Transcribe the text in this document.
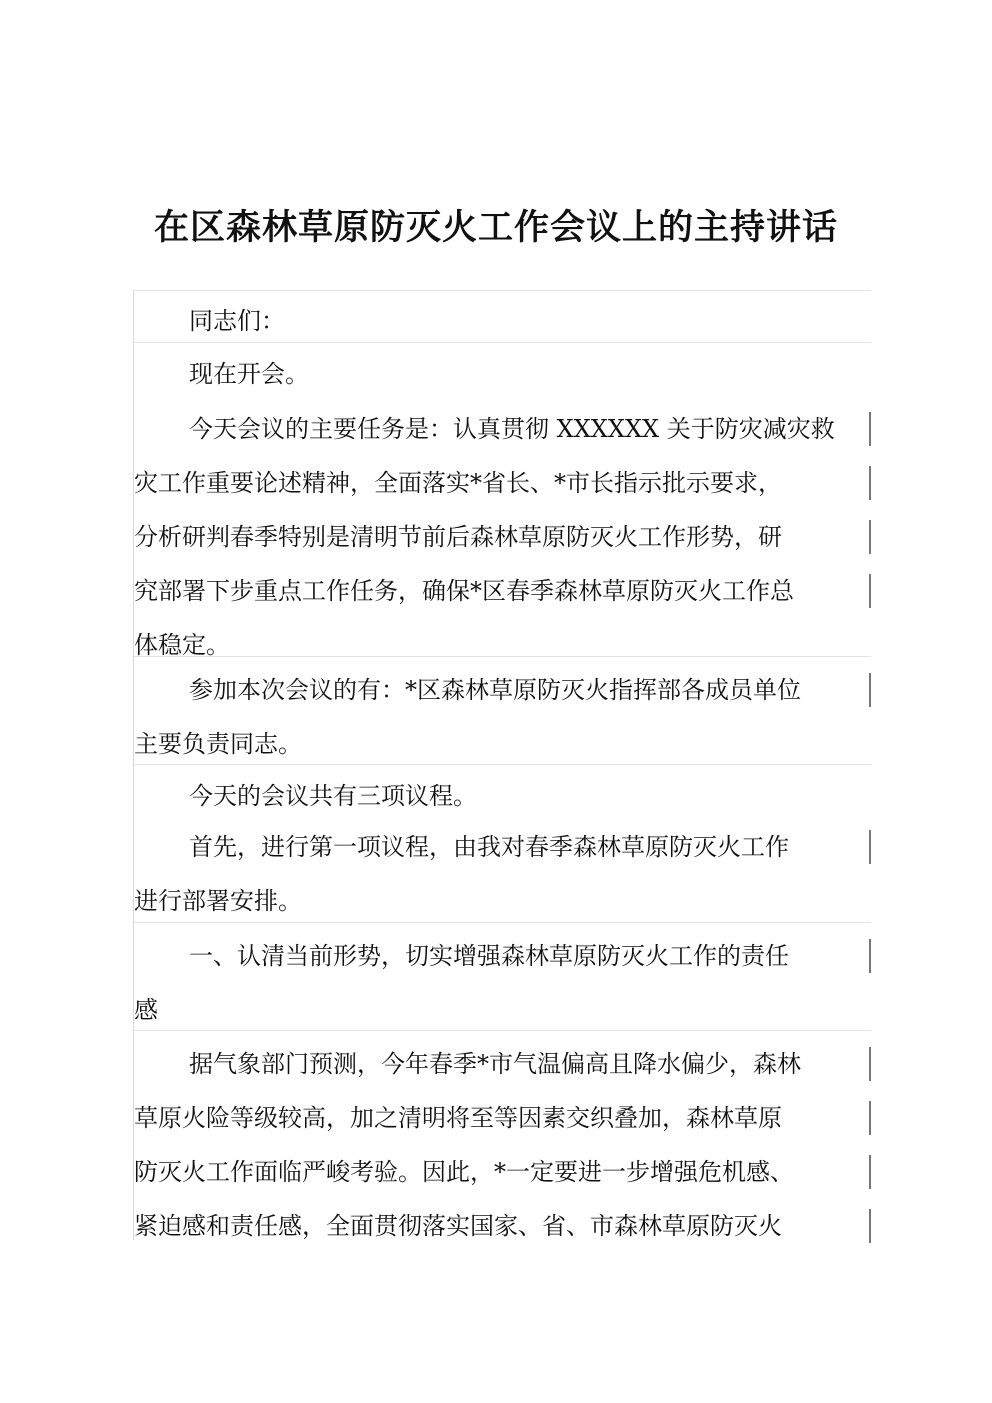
在区森林草原防灭火工作会议上的主持讲话
同志们：
现在开会。
今天会议的主要任务是：认真贯彻 XXXXXX 关于防灾减灾救
灾工作重要论述精神，全面落实*省长、*市长指示批示要求，
分析研判春季特别是清明节前后森林草原防灭火工作形势，研
究部署下步重点工作任务，确保*区春季森林草原防灭火工作总
体稳定。
参加本次会议的有：*区森林草原防灭火指挥部各成员单位
主要负责同志。
今天的会议共有三项议程。
首先，进行第一项议程，由我对春季森林草原防灭火工作
进行部署安排。
一、认清当前形势，切实增强森林草原防灭火工作的责任
感
据气象部门预测，今年春季*市气温偏高且降水偏少，森林
草原火险等级较高，加之清明将至等因素交织叠加，森林草原
防灭火工作面临严峻考验。因此，*一定要进一步增强危机感、
紧迫感和责任感，全面贯彻落实国家、省、市森林草原防灭火
